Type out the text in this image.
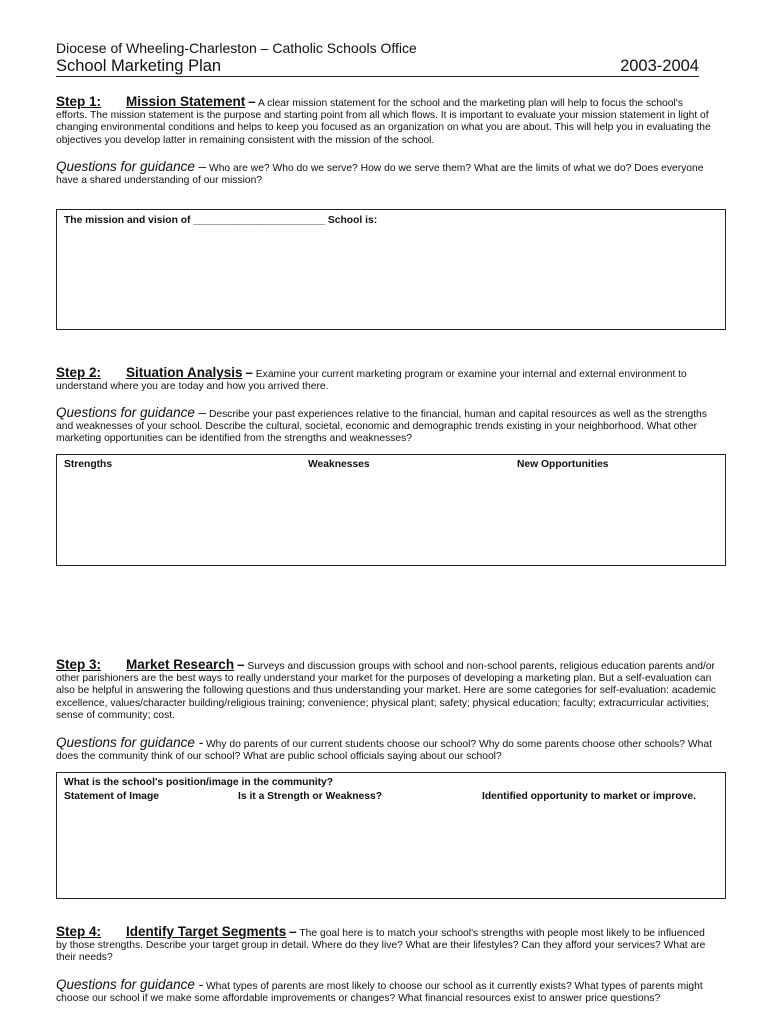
Diocese of Wheeling-Charleston – Catholic Schools Office
School Marketing Plan	2003-2004
Step 1: Mission Statement – A clear mission statement for the school and the marketing plan will help to focus the school's efforts. The mission statement is the purpose and starting point from all which flows. It is important to evaluate your mission statement in light of changing environmental conditions and helps to keep you focused as an organization on what you are about. This will help you in evaluating the objectives you develop latter in remaining consistent with the mission of the school.
Questions for guidance – Who are we? Who do we serve? How do we serve them? What are the limits of what we do? Does everyone have a shared understanding of our mission?
The mission and vision of _______________________ School is:
Step 2: Situation Analysis – Examine your current marketing program or examine your internal and external environment to understand where you are today and how you arrived there.
Questions for guidance – Describe your past experiences relative to the financial, human and capital resources as well as the strengths and weaknesses of your school. Describe the cultural, societal, economic and demographic trends existing in your neighborhood. What other marketing opportunities can be identified from the strengths and weaknesses?
Strengths	Weaknesses	New Opportunities
Step 3: Market Research – Surveys and discussion groups with school and non-school parents, religious education parents and/or other parishioners are the best ways to really understand your market for the purposes of developing a marketing plan. But a self-evaluation can also be helpful in answering the following questions and thus understanding your market. Here are some categories for self-evaluation: academic excellence, values/character building/religious training; convenience; physical plant; safety; physical education; faculty; extracurricular activities; sense of community; cost.
Questions for guidance - Why do parents of our current students choose our school? Why do some parents choose other schools? What does the community think of our school? What are public school officials saying about our school?
What is the school's position/image in the community?
Statement of Image	Is it a Strength or Weakness?	Identified opportunity to market or improve.
Step 4: Identify Target Segments – The goal here is to match your school's strengths with people most likely to be influenced by those strengths. Describe your target group in detail. Where do they live? What are their lifestyles? Can they afford your services? What are their needs?
Questions for guidance - What types of parents are most likely to choose our school as it currently exists? What types of parents might choose our school if we make some affordable improvements or changes? What financial resources exist to answer price questions?
